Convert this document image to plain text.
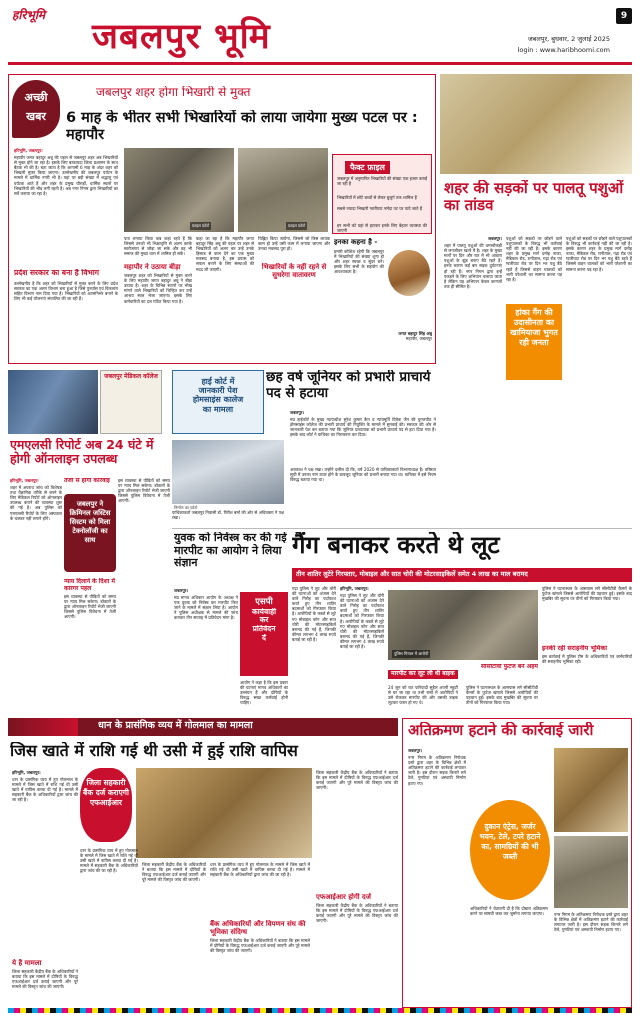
हरिभूमि
जबलपुर भूमि	जबलपुर, बुधवार, 2 जुलाई 2025
login : www.haribhoomi.com
9
अच्छी
खबर
जबलपुर शहर होगा भिखारी से मुक्त
6 माह के भीतर सभी भिखारियों को लाया जायेगा मुख्य पटल पर : महापौर
हरिभूमि, जबलपुर।
महापौर जगत बहादुर अन्नू की पहल से जबलपुर शहर अब भिखारियों से मुक्त होने जा रहा है। इसके लिए बाकायदा जिला प्रशासन के साथ बैठक भी की है। बता जाता है कि आगामी 6 माह के अंदर शहर को भिखारी मुक्त किया जाएगा। उल्लेखनीय की जबलपुर पर्यटन के मामले में धार्मिक नगरी भी है। यहां पर बड़ी संख्या में श्रद्धालु एवं पर्यटक आते हैं और शहर के प्रमुख चौराहों, धार्मिक स्थलों पर भिखारियों की भीड़ लगी रहती है। अब नगर निगम द्वारा भिखारियों का सर्वे कराया जा रहा है।
प्रदेश सरकार का बना है विभाग
उल्लेखनीय है कि शहर को भिखारियों से मुक्त करने के लिए प्रदेश सरकार का एक अलग विभाग बना हुआ है जिसे पुनर्वास एवं विकलांग सहित विभाग नाम दिया गया है। भिखारियों को आत्मनिर्भर बनाने के लिए भी कई योजनाएं संचालित की जा रही हैं।
फ़ाइल फ़ोटो	फ़ाइल फ़ोटो
फैक्ट फ़ाइल
जबलपुर में अनुमानित भिखारियों की संख्या एक हजार बताई जा रही है
भिखारियों में छोटे बच्चों से लेकर बुजुर्ग तक शामिल हैं
सबसे ज्यादा भिखारी ग्वारीघाट नर्मदा तट पर पाये जाते हैं
इन सभी को यहां से हटाकर इनके लिए बेहतर व्यवस्था की जाएगी
पता लगाया किया कब कहां रहते हैं कि जिससे उनको भी भिक्षावृत्ति से अलग करके स्वरोजगार से जोड़ा जा सके और वह भी समाज की मुख्य धारा में शामिल हो सकें।
महापौर ने उठाया बीड़ा
जबलपुर शहर को भिखारियों से मुक्त करने के लिए महापौर जगत बहादुर अन्नू ने बीड़ा उठाया है। शहर के विभिन्न स्थानों पर भीख मांगने वाले भिखारियों को चिन्हित कर उन्हें आश्रय स्थल भेजा जाएगा। इसके लिए कर्मचारियों का दल गठित किया गया है।
कहा जा रहा है कि महापौर जगत बहादुर सिंह अन्नू की पहल पर शहर से भिखारियों को अलग कर उन्हें उनके हिसाब से काम देने का एक मुख्य मकसद बनाया है, इस प्रयास को सफल बनाने के लिए संस्थाओं की मदद ली जाएगी।
चिह्नित किया जायेगा, जिससे जो जिस लायक काम हो उन्हें उसी काम में लगाया जाएगा और उनका मकसद पूरा हो।
भिखारियों के नहीं रहने से सुधरेगा वातावरण
इनका कहना है -
हमारी कोशिश रहेगी कि जबलपुर में भिखारियों की संख्या शून्य हो और शहर स्वच्छ व सुंदर बने। इसके लिए सभी के सहयोग की आवश्यकता है।
जगत बहादुर सिंह अन्नू
महापौर, जबलपुर
शहर की सड़कों पर पालतू पशुओं का तांडव
जबलपुर।
शहर में पालतू पशुओं की धमाचौकड़ी से जनजीवन खतरे में है। शहर के मुख्य मार्गों पर दिन और रात में भी आवारा पशुओं के झुंड बनाए बैठे रहते हैं। इनके कारण कई बार सड़क दुर्घटनाएं हो रही हैं। नगर निगम द्वारा इन्हें पकड़ने के लिए अभियान चलाया जाता है लेकिन यह अभियान केवल कागजों तक ही सीमित है।
पशुओं को सड़कों पर छोड़ने वाले पशुपालकों के विरुद्ध भी कार्रवाई नहीं की जा रही है। इसके कारण शहर के प्रमुख मार्ग दमोह नाका, मेडिकल रोड, रानीताल, गढ़ा रोड एवं ग्वारीघाट रोड पर दिन भर पशु बैठे रहते हैं जिससे वाहन चालकों को भारी परेशानी का सामना करना पड़ रहा है।
हांका गैंग की उदासीनता का खामियाजा भुगत रही जनता
पशुओं को सड़कों पर छोड़ने वाले पशुपालकों के विरुद्ध भी कार्रवाई नहीं की जा रही है। इसके कारण शहर के प्रमुख मार्ग दमोह नाका, मेडिकल रोड, रानीताल, गढ़ा रोड एवं ग्वारीघाट रोड पर दिन भर पशु बैठे रहते हैं जिससे वाहन चालकों को भारी परेशानी का सामना करना पड़ रहा है।
जबलपुर मेडिकल कॉलेज
एमएलसी रिपोर्ट अब 24 घंटे में होगी ऑनलाइन उपलब्ध
हरिभूमि, जबलपुर।
शहर में अपराध जांच को विशेषज्ञ तथा वैज्ञानिक तरीके से करने के लिए मेडिकल रिपोर्ट को ऑनलाइन उपलब्ध कराने की व्यवस्था शुरू की गई है। अब पुलिस को एमएलसी रिपोर्ट के लिए अस्पताल के चक्कर नहीं लगाने होंगे।
तेजी से होगी कार्रवाई
जबलपुर ने क्रिमिनल जस्टिस सिस्टम को मिला टेक्नोलॉजी का साथ
इस व्यवस्था से पीड़ितों को समय पर न्याय मिल सकेगा। डॉक्टरों के द्वारा ऑनलाइन रिपोर्ट भेजी जाएगी जिससे पुलिस विवेचना में तेजी आएगी।
न्याय दिलाने के दिशा में कारगर पहल
इस व्यवस्था से पीड़ितों को समय पर न्याय मिल सकेगा। डॉक्टरों के द्वारा ऑनलाइन रिपोर्ट भेजी जाएगी जिससे पुलिस विवेचना में तेजी आएगी।
हाई कोर्ट में
जानकारी पेश
होमसाइंस कालेज
का मामला
छह वर्ष जूनियर को प्रभारी प्राचार्य पद से हटाया
निर्माण का फ़ोटो
याचिकाकर्ता जबलपुर निवासी डॉ. गिरीश बर्मा की ओर से अधिवक्ता ने पक्ष रखा।
जबलपुर।
मप्र हाईकोर्ट के मुख्य न्यायाधीश सुरेश कुमार कैत व न्यायमूर्ति विवेक जैन की युगलपीठ ने होमसाइंस कॉलेज की प्रभारी प्राचार्य की नियुक्ति के मामले में सुनवाई की। सरकार की ओर से जानकारी पेश कर बताया गया कि जूनियर प्राध्यापक को प्रभारी प्राचार्य पद से हटा दिया गया है। इसके बाद कोर्ट ने याचिका का निराकरण कर दिया।
अवकाश ने पक्ष रखा। उन्होंने दलील दी कि, वर्ष 2020 से याचिकाकर्ता विभागाध्यक्ष हैं। वरिष्ठता सूची में उनका नाम ऊपर होने के बावजूद जूनियर को प्रभारी बनाया गया था। याचिका में इसे नियम विरुद्ध बताया गया था।
युवक को निर्वस्त्र कर की गई मारपीट का आयोग ने लिया संज्ञान
जबलपुर।
मप्र मानव अधिकार आयोग के अध्यक्ष ने एक युवक को निर्वस्त्र कर मारपीट किए जाने के मामले में संज्ञान लिया है। आयोग ने पुलिस अधीक्षक से मामले की जांच कराकर तीन सप्ताह में प्रतिवेदन मांगा है।
एसपी
कार्यवाही
कर
प्रतिवेदन
दें
आयोग ने कहा है कि इस प्रकार की घटनाएं मानव अधिकारों का उल्लंघन हैं और दोषियों के विरुद्ध सख्त कार्रवाई होनी चाहिए।
गैंग बनाकर करते थे लूट
तीन शातिर लुटेरे गिरफ्तार, मोबाइल और सात चोरी की मोटरसाइकिलें समेत 4 लाख का माल बरामद
गढ़ा पुलिस ने लूट और चोरी की घटनाओं को अंजाम देने वाले गिरोह का पर्दाफाश करते हुए तीन शातिर बदमाशों को गिरफ्तार किया है। आरोपियों के कब्जे से लूटे गए मोबाइल फोन और सात चोरी की मोटरसाइकिलें बरामद की गई हैं, जिनकी कीमत लगभग 4 लाख रुपये बताई जा रही है।
हरिभूमि, जबलपुर।
गढ़ा पुलिस ने लूट और चोरी की घटनाओं को अंजाम देने वाले गिरोह का पर्दाफाश करते हुए तीन शातिर बदमाशों को गिरफ्तार किया है। आरोपियों के कब्जे से लूटे गए मोबाइल फोन और सात चोरी की मोटरसाइकिलें बरामद की गई हैं, जिनकी कीमत लगभग 4 लाख रुपये बताई जा रही है।
पुलिस गिरफ्त में आरोपी
मारपीट कर लूट ली थी बाइक
सीसीटीवी फुटेज बने अहम
24 जून को रात फरियादी सुहैल अपनी स्कूटी से घर जा रहा था तभी रास्ते में आरोपियों ने उसे रोककर मारपीट की और उसकी बाइक लूटकर फरार हो गए थे।
पुलिस ने घटनास्थल के आसपास लगे सीसीटीवी कैमरों के फुटेज खंगाले जिससे आरोपियों की पहचान हुई। इसके बाद मुखबिर की सूचना पर तीनों को गिरफ्तार किया गया।
पुलिस ने घटनास्थल के आसपास लगे सीसीटीवी कैमरों के फुटेज खंगाले जिससे आरोपियों की पहचान हुई। इसके बाद मुखबिर की सूचना पर तीनों को गिरफ्तार किया गया।
इनकी रही सराहनीय भूमिका
इस कार्रवाई में पुलिस टीम के अधिकारियों एवं कर्मचारियों की सराहनीय भूमिका रही।
धान के प्रासंगिक व्यय में गोलमाल का मामला
जिस खाते में राशि गई थी उसी में हुई राशि वापिस
हरिभूमि, जबलपुर।
धान के प्रासंगिक व्यय में हुए गोलमाल के मामले में जिस खाते में राशि गई थी उसी खाते में वापिस करवा दी गई है। मामले में सहकारी बैंक के अधिकारियों द्वारा जांच की जा रही है।
ये है मामला
जिला सहकारी केंद्रीय बैंक के अधिकारियों ने बताया कि इस मामले में दोषियों के विरुद्ध एफआईआर दर्ज कराई जाएगी और पूरे मामले की विस्तृत जांच की जाएगी।
जिला सहकारी बैंक दर्ज कराएगी एफआईआर
धान के प्रासंगिक व्यय में हुए गोलमाल के मामले में जिस खाते में राशि गई थी उसी खाते में वापिस करवा दी गई है। मामले में सहकारी बैंक के अधिकारियों द्वारा जांच की जा रही है।
जिला सहकारी केंद्रीय बैंक के अधिकारियों ने बताया कि इस मामले में दोषियों के विरुद्ध एफआईआर दर्ज कराई जाएगी और पूरे मामले की विस्तृत जांच की जाएगी।
धान के प्रासंगिक व्यय में हुए गोलमाल के मामले में जिस खाते में राशि गई थी उसी खाते में वापिस करवा दी गई है। मामले में सहकारी बैंक के अधिकारियों द्वारा जांच की जा रही है।
बैंक अधिकारियों और विपणन संघ की भूमिका संदिग्ध
जिला सहकारी केंद्रीय बैंक के अधिकारियों ने बताया कि इस मामले में दोषियों के विरुद्ध एफआईआर दर्ज कराई जाएगी और पूरे मामले की विस्तृत जांच की जाएगी।
जिला सहकारी केंद्रीय बैंक के अधिकारियों ने बताया कि इस मामले में दोषियों के विरुद्ध एफआईआर दर्ज कराई जाएगी और पूरे मामले की विस्तृत जांच की जाएगी।
एफआईआर होगी दर्ज
जिला सहकारी केंद्रीय बैंक के अधिकारियों ने बताया कि इस मामले में दोषियों के विरुद्ध एफआईआर दर्ज कराई जाएगी और पूरे मामले की विस्तृत जांच की जाएगी।
अतिक्रमण हटाने की कार्रवाई जारी
जबलपुर।
नगर निगम के अतिक्रमण निरोधक दस्ते द्वारा शहर के विभिन्न क्षेत्रों में अतिक्रमण हटाने की कार्रवाई लगातार जारी है। इस दौरान सड़क किनारे लगे ठेले, गुमटियां एवं अस्थायी निर्माण हटाए गए।
दुकान एंट्रेस, जर्जर भवन, टेले, टपरे हटाने का, सामग्रियों की भी जब्ती
अधिकारियों ने चेतावनी दी है कि दोबारा अतिक्रमण करने पर सामग्री जब्त कर जुर्माना लगाया जाएगा।	नगर निगम के अतिक्रमण निरोधक दस्ते द्वारा शहर के विभिन्न क्षेत्रों में अतिक्रमण हटाने की कार्रवाई लगातार जारी है। इस दौरान सड़क किनारे लगे ठेले, गुमटियां एवं अस्थायी निर्माण हटाए गए।
